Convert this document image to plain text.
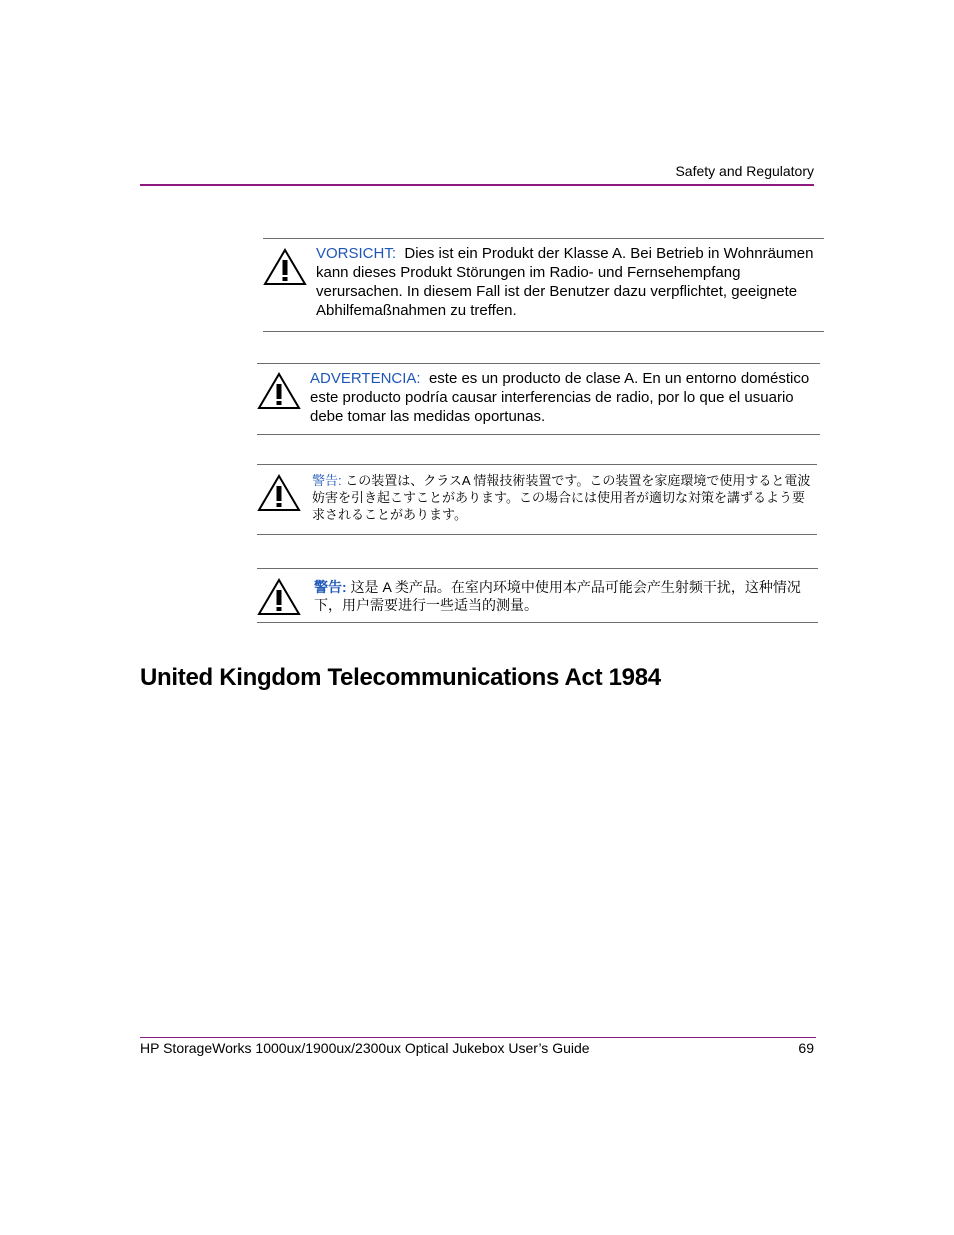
Safety and Regulatory
VORSICHT: Dies ist ein Produkt der Klasse A. Bei Betrieb in Wohnräumen kann dieses Produkt Störungen im Radio- und Fernsehempfang verursachen. In diesem Fall ist der Benutzer dazu verpflichtet, geeignete Abhilfemaßnahmen zu treffen.
ADVERTENCIA: este es un producto de clase A. En un entorno doméstico este producto podría causar interferencias de radio, por lo que el usuario debe tomar las medidas oportunas.
警告: この装置は、クラスA 情報技術装置です。この装置を家庭環境で使用すると電波妨害を引き起こすことがあります。この場合には使用者が適切な対策を講ずるよう要求されることがあります。
警告: 这是 A 类产品。在室内环境中使用本产品可能会产生射频干扰，这种情况下，用户需要进行一些适当的测量。
United Kingdom Telecommunications Act 1984
HP StorageWorks 1000ux/1900ux/2300ux Optical Jukebox User’s Guide	69
